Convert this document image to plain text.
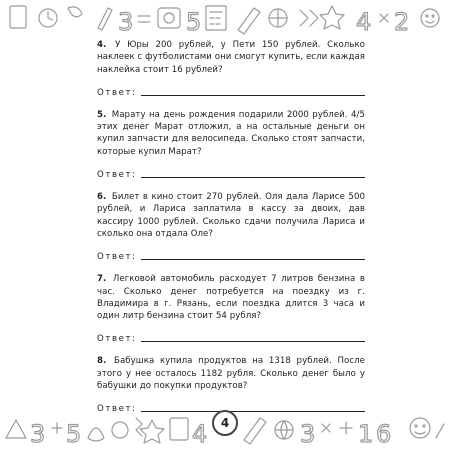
3 5	4 2
4. У Юры 200 рублей, у Пети 150 рублей. Сколько наклеек с футболистами они смогут купить, если каждая наклейка стоит 16 рублей?
Ответ:
5. Марату на день рождения подарили 2000 рублей. 4/5 этих денег Марат отложил, а на остальные деньги он купил запчасти для велосипеда. Сколько стоят запчасти, которые купил Марат?
Ответ:
6. Билет в кино стоит 270 рублей. Оля дала Ларисе 500 рублей, и Лариса заплатила в кассу за двоих, дав кассиру 1000 рублей. Сколько сдачи получила Лариса и сколько она отдала Оле?
Ответ:
7. Легковой автомобиль расходует 7 литров бензина в час. Сколько денег потребуется на поездку из г. Владимира в г. Рязань, если поездка длится 3 часа и один литр бензина стоит 54 рубля?
Ответ:
8. Бабушка купила продуктов на 1318 рублей. После этого у нее осталось 1182 рубля. Сколько денег было у бабушки до покупки продуктов?
Ответ:
3 5	4	3 1 6
4
